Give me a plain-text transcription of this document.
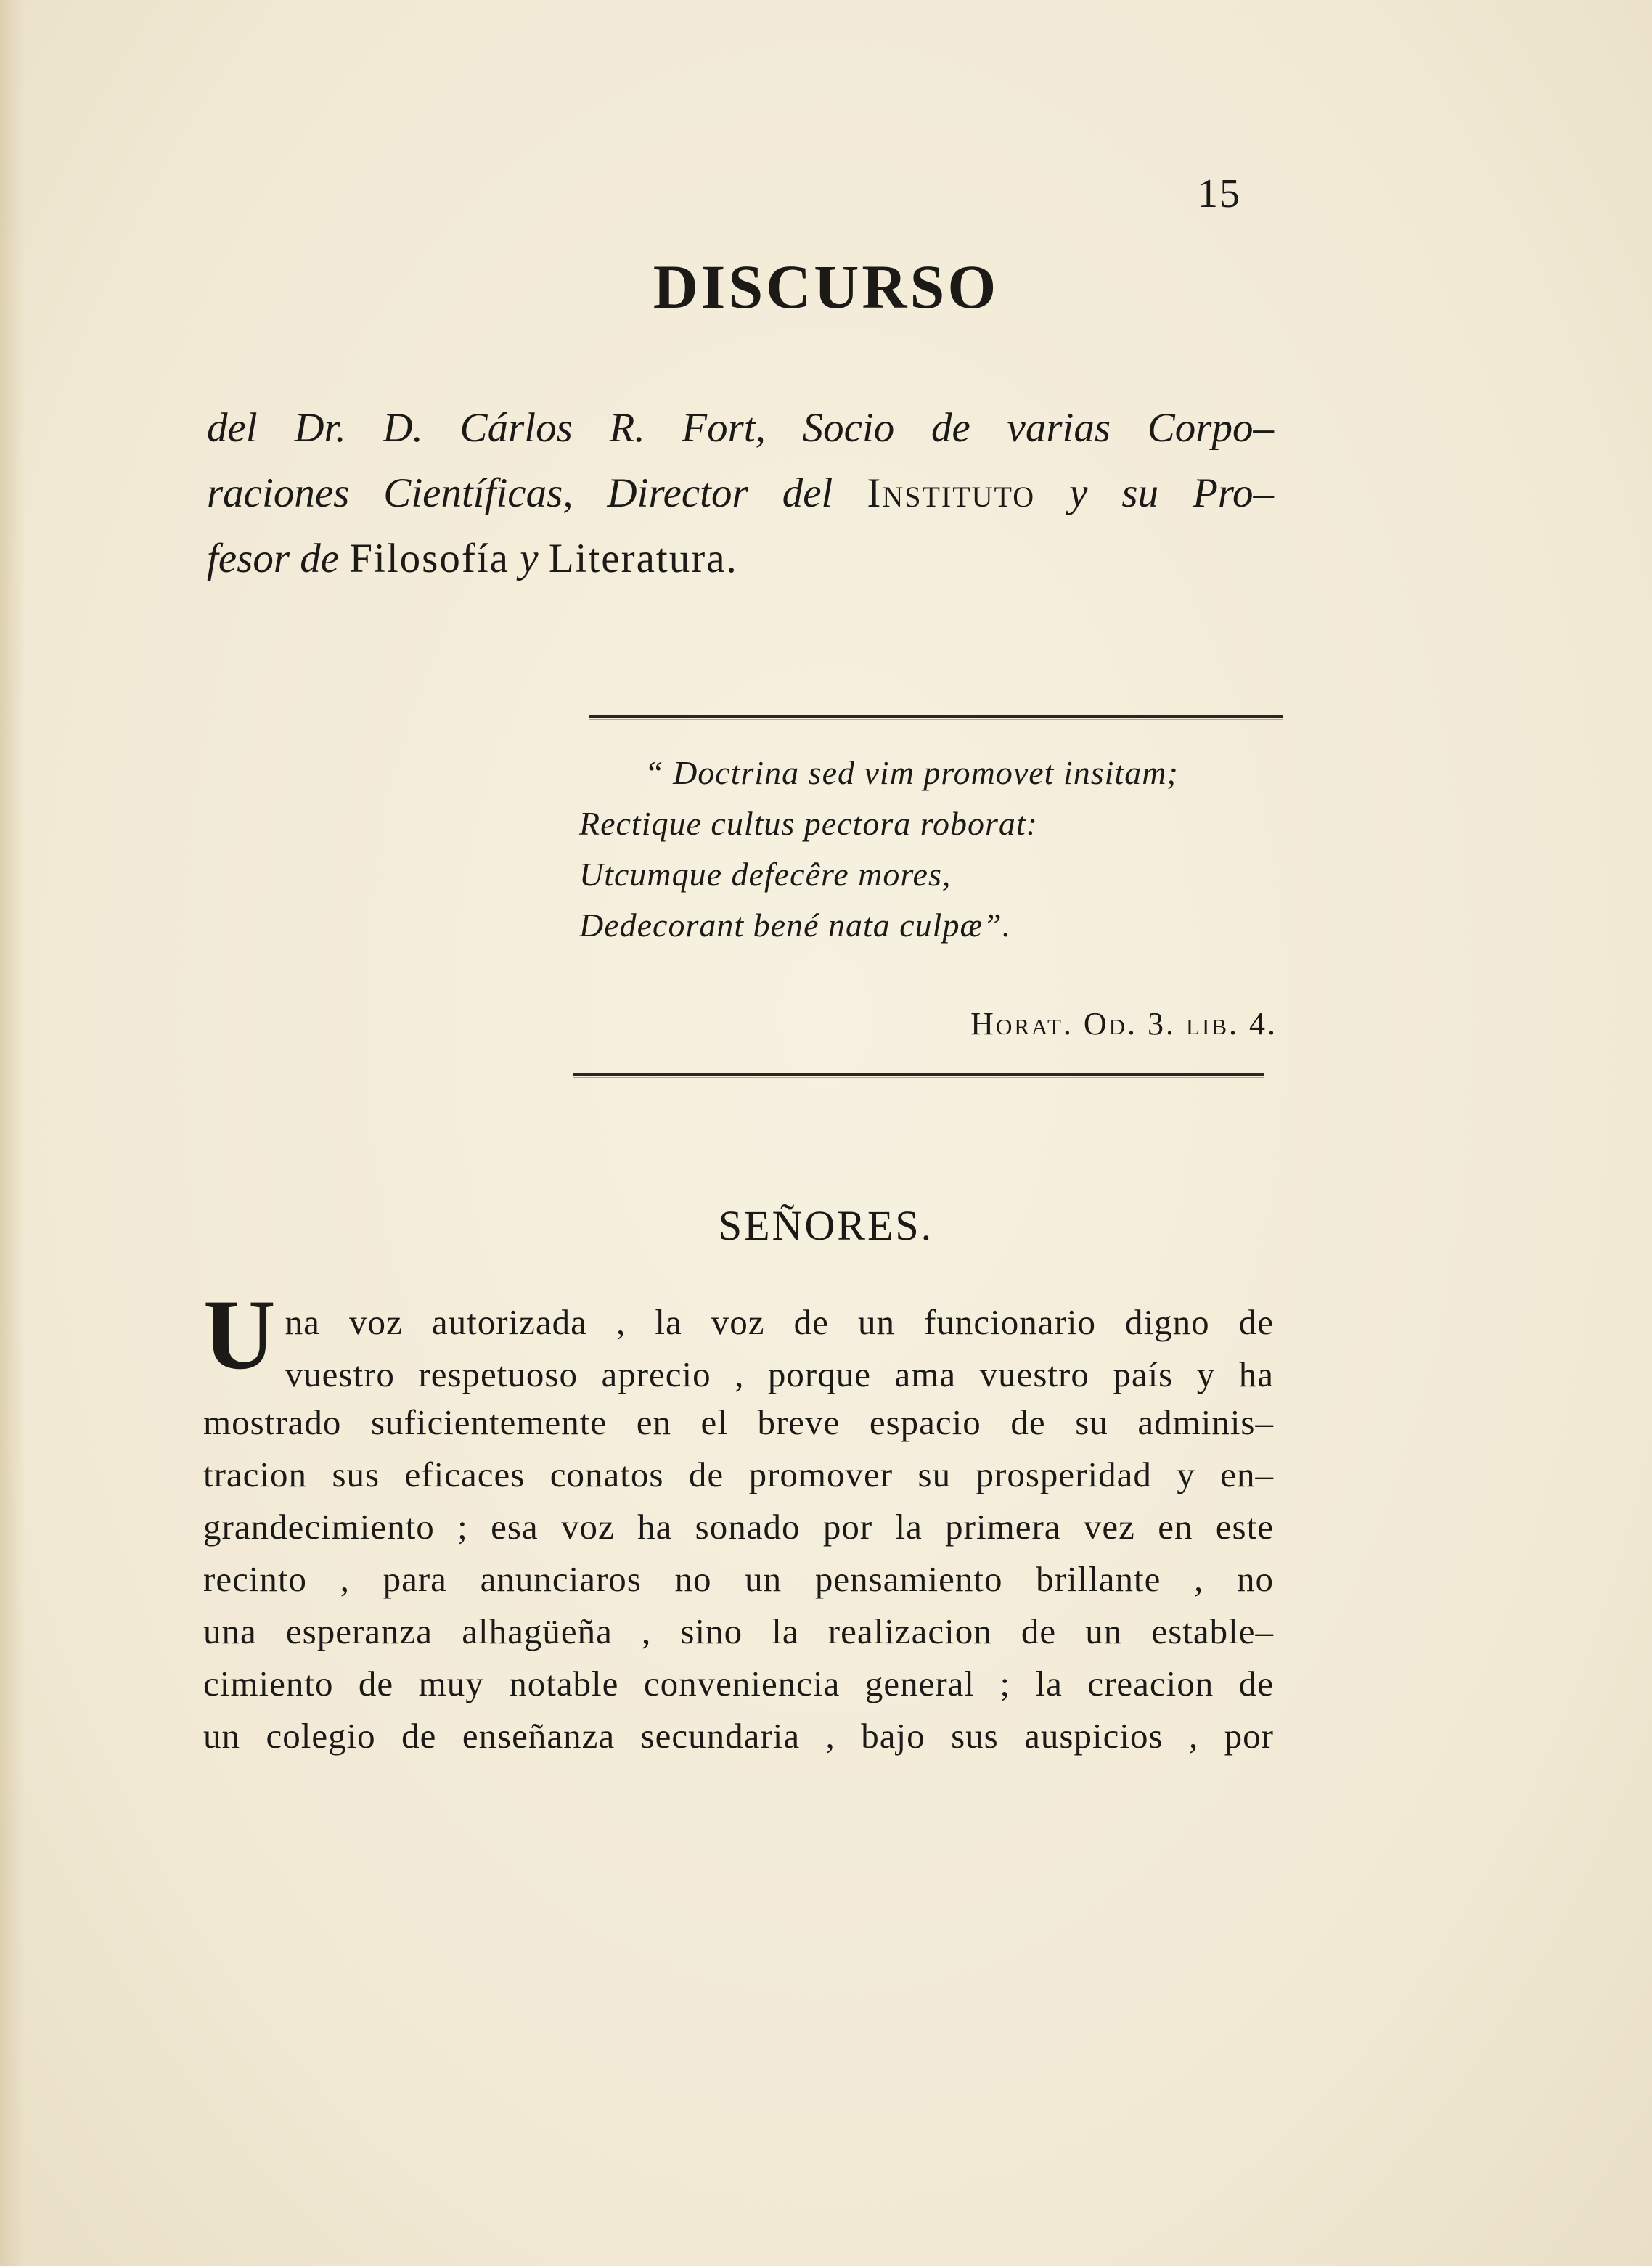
15
DISCURSO
del Dr. D. Cárlos R. Fort, Socio de varias Corpo–
raciones Científicas, Director del Instituto y su Pro–
fesor de Filosofía y Literatura.
“ Doctrina sed vim promovet insitam;
Rectique cultus pectora roborat:
Utcumque defecêre mores,
Dedecorant bené nata culpæ”.
Horat. Od. 3. lib. 4.
SEÑORES.
U na voz autorizada , la voz de un funcionario digno de
vuestro respetuoso aprecio , porque ama vuestro país y ha
mostrado suficientemente en el breve espacio de su adminis–
tracion sus eficaces conatos de promover su prosperidad y en–
grandecimiento ; esa voz ha sonado por la primera vez en este
recinto , para anunciaros no un pensamiento brillante , no
una esperanza alhagüeña , sino la realizacion de un estable–
cimiento de muy notable conveniencia general ; la creacion de
un colegio de enseñanza secundaria , bajo sus auspicios , por
